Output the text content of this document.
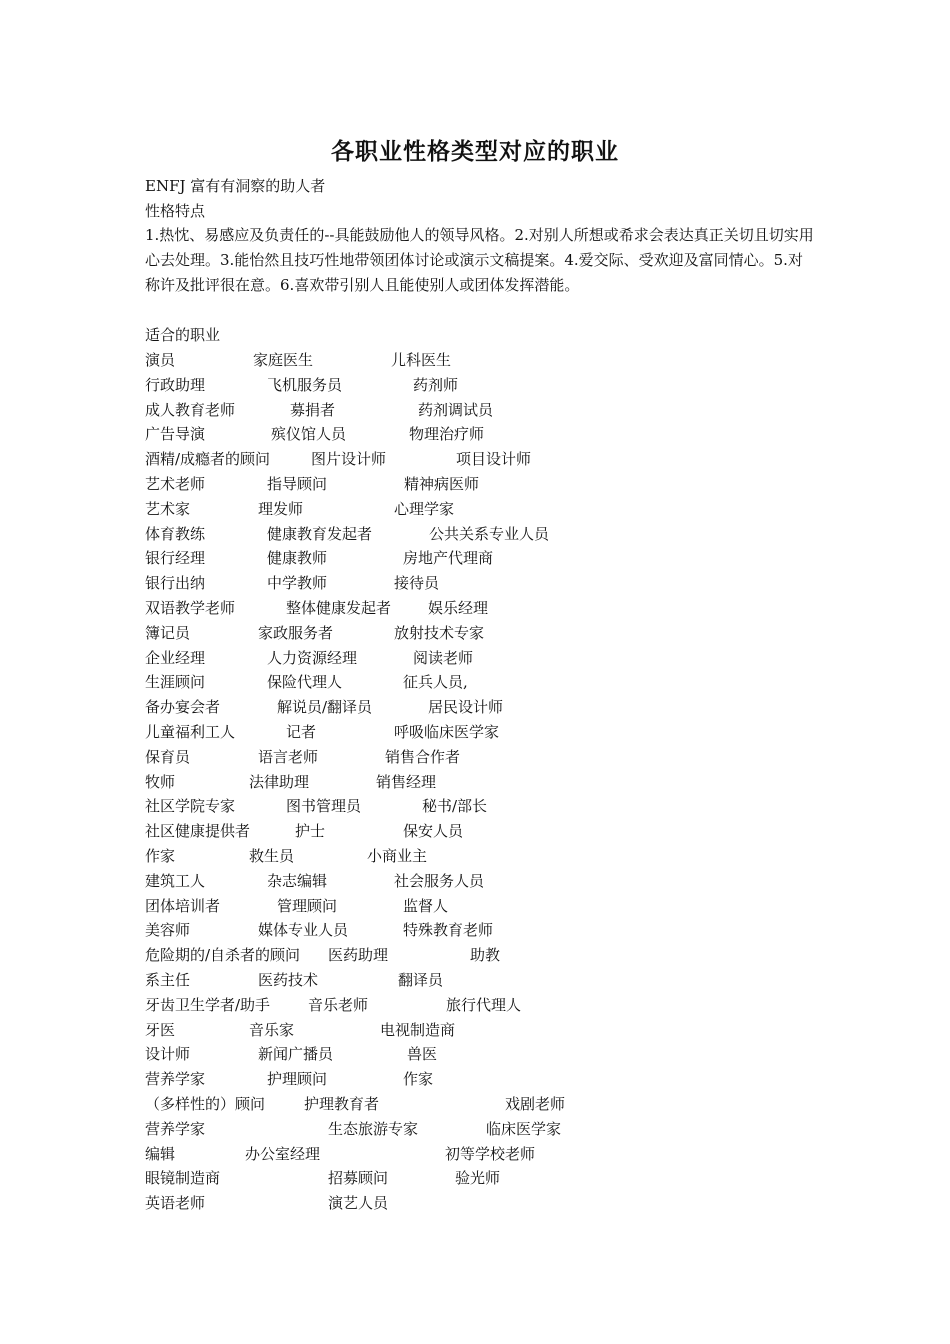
各职业性格类型对应的职业
ENFJ 富有有洞察的助人者
性格特点
1.热忱、易感应及负责任的--具能鼓励他人的领导风格。2.对别人所想或希求会表达真正关切且切实用心去处理。3.能怡然且技巧性地带领团体讨论或演示文稿提案。4.爱交际、受欢迎及富同情心。5.对称许及批评很在意。6.喜欢带引别人且能使别人或团体发挥潜能。
适合的职业
演员	家庭医生	儿科医生
行政助理	飞机服务员	药剂师
成人教育老师	募捐者	药剂调试员
广告导演	殡仪馆人员	物理治疗师
酒精/成瘾者的顾问	图片设计师	项目设计师
艺术老师	指导顾问	精神病医师
艺术家	理发师	心理学家
体育教练	健康教育发起者	公共关系专业人员
银行经理	健康教师	房地产代理商
银行出纳	中学教师	接待员
双语教学老师	整体健康发起者 娱乐经理
簿记员	家政服务者	放射技术专家
企业经理	人力资源经理	阅读老师
生涯顾问	保险代理人	征兵人员,
备办宴会者	解说员/翻译员	居民设计师
儿童福利工人	记者	呼吸临床医学家
保育员	语言老师	销售合作者
牧师	法律助理	销售经理
社区学院专家	图书管理员	秘书/部长
社区健康提供者	护士	保安人员
作家	救生员	小商业主
建筑工人	杂志编辑	社会服务人员
团体培训者	管理顾问	监督人
美容师	媒体专业人员	特殊教育老师
危险期的/自杀者的顾问 医药助理	助教
系主任	医药技术	翻译员
牙齿卫生学者/助手	音乐老师	旅行代理人
牙医	音乐家	电视制造商
设计师	新闻广播员	兽医
营养学家	护理顾问	作家
（多样性的）顾问	护理教育者	戏剧老师
营养学家	生态旅游专家	临床医学家
编辑	办公室经理	初等学校老师
眼镜制造商	招募顾问	验光师
英语老师	演艺人员
